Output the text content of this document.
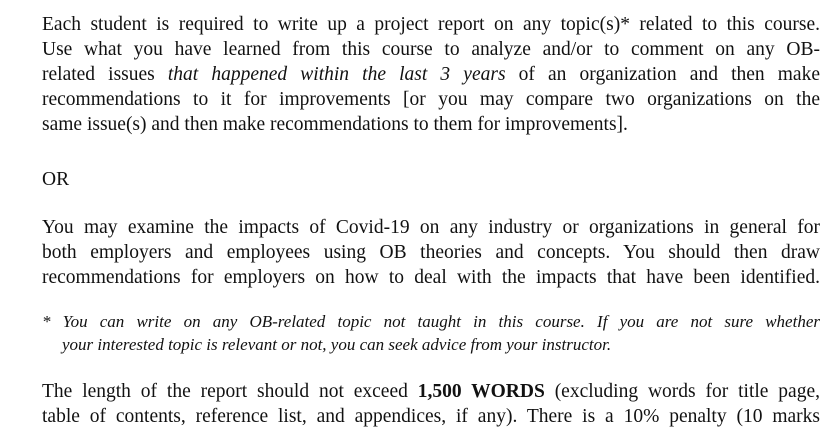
Each student is required to write up a project report on any topic(s)* related to this course.
Use what you have learned from this course to analyze and/or to comment on any OB-
related issues that happened within the last 3 years of an organization and then make
recommendations to it for improvements [or you may compare two organizations on the
same issue(s) and then make recommendations to them for improvements].
OR
You may examine the impacts of Covid-19 on any industry or organizations in general for
both employers and employees using OB theories and concepts. You should then draw
recommendations for employers on how to deal with the impacts that have been identified.
* You can write on any OB-related topic not taught in this course. If you are not sure whether
your interested topic is relevant or not, you can seek advice from your instructor.
The length of the report should not exceed 1,500 WORDS (excluding words for title page,
table of contents, reference list, and appendices, if any). There is a 10% penalty (10 marks
